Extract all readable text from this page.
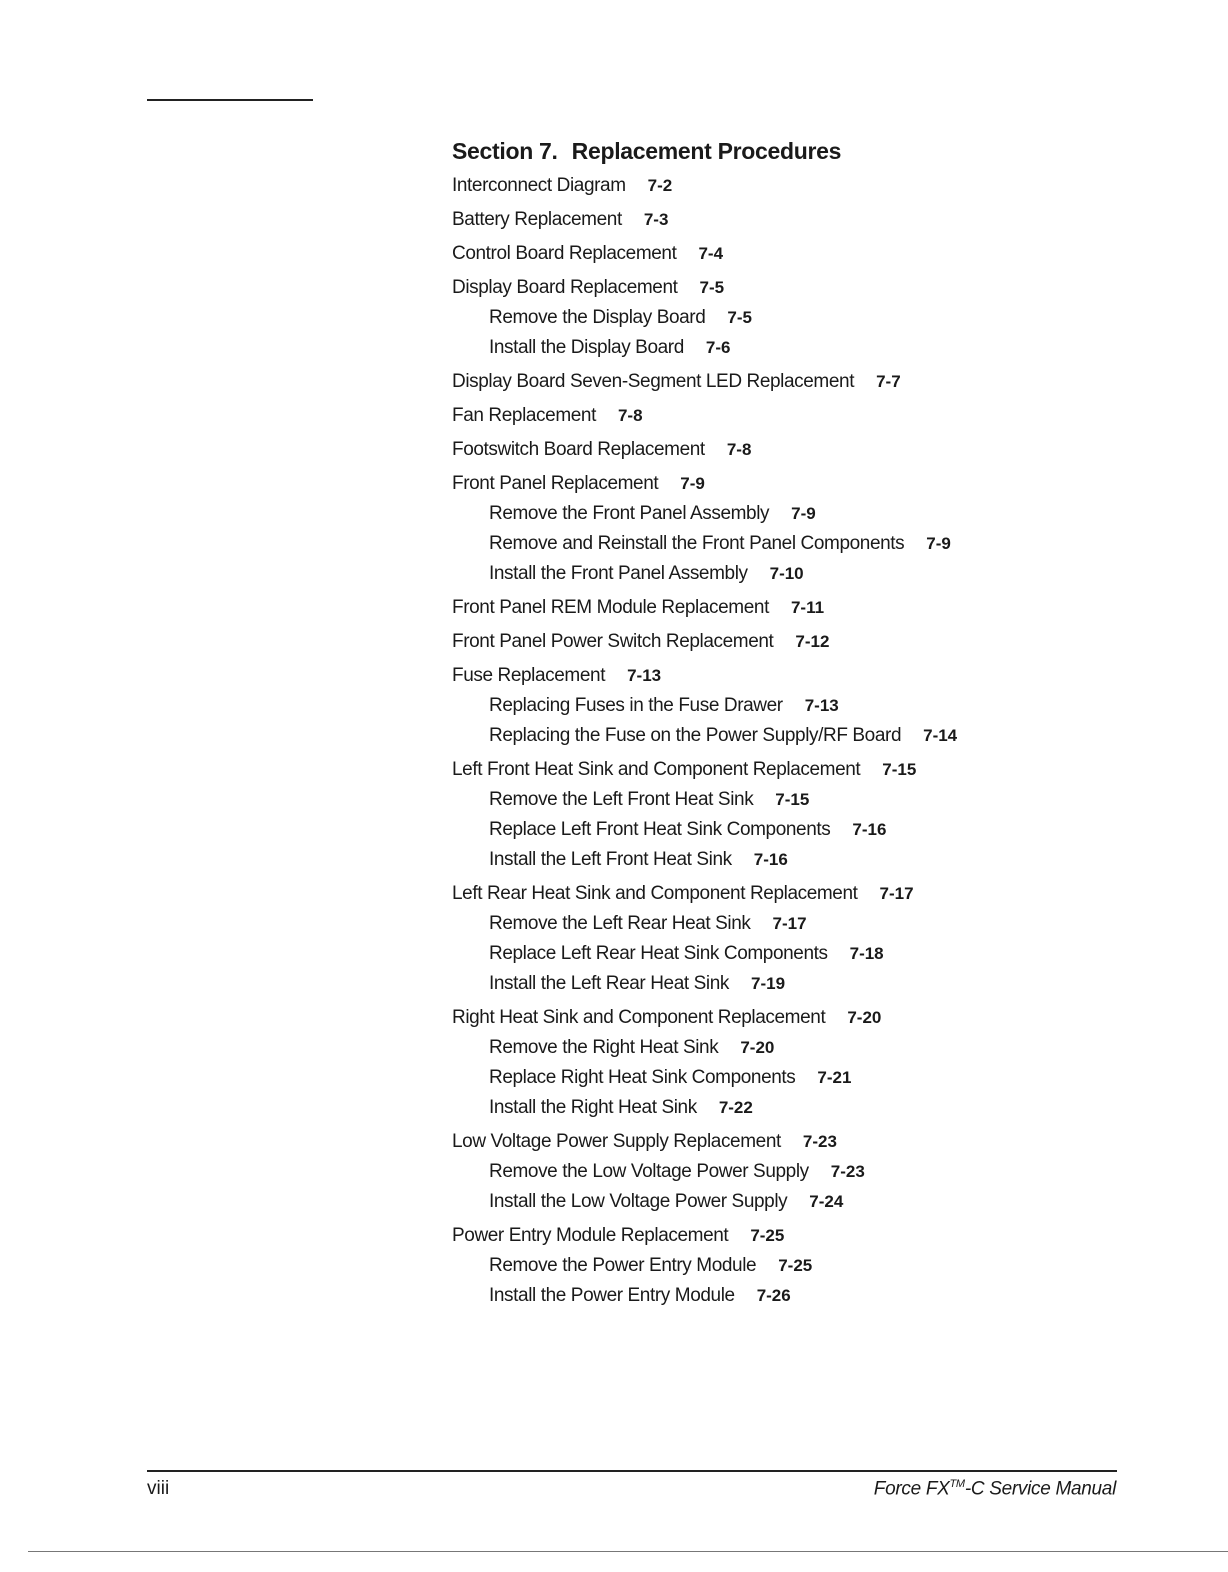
Section 7. Replacement Procedures
Interconnect Diagram 7-2
Battery Replacement 7-3
Control Board Replacement 7-4
Display Board Replacement 7-5
Remove the Display Board 7-5
Install the Display Board 7-6
Display Board Seven-Segment LED Replacement 7-7
Fan Replacement 7-8
Footswitch Board Replacement 7-8
Front Panel Replacement 7-9
Remove the Front Panel Assembly 7-9
Remove and Reinstall the Front Panel Components 7-9
Install the Front Panel Assembly 7-10
Front Panel REM Module Replacement 7-11
Front Panel Power Switch Replacement 7-12
Fuse Replacement 7-13
Replacing Fuses in the Fuse Drawer 7-13
Replacing the Fuse on the Power Supply/RF Board 7-14
Left Front Heat Sink and Component Replacement 7-15
Remove the Left Front Heat Sink 7-15
Replace Left Front Heat Sink Components 7-16
Install the Left Front Heat Sink 7-16
Left Rear Heat Sink and Component Replacement 7-17
Remove the Left Rear Heat Sink 7-17
Replace Left Rear Heat Sink Components 7-18
Install the Left Rear Heat Sink 7-19
Right Heat Sink and Component Replacement 7-20
Remove the Right Heat Sink 7-20
Replace Right Heat Sink Components 7-21
Install the Right Heat Sink 7-22
Low Voltage Power Supply Replacement 7-23
Remove the Low Voltage Power Supply 7-23
Install the Low Voltage Power Supply 7-24
Power Entry Module Replacement 7-25
Remove the Power Entry Module 7-25
Install the Power Entry Module 7-26
viii	Force FX™-C Service Manual
